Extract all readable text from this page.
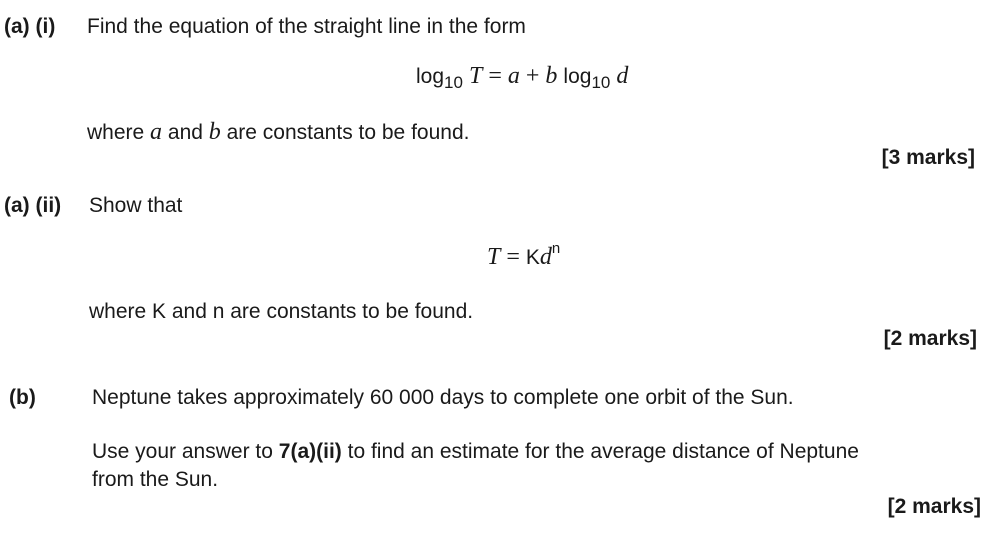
(a) (i) Find the equation of the straight line in the form
log 10 T = a + b log 10 d
where a and b are constants to be found.
[3 marks]
(a) (ii) Show that
T = K d n
where K and n are constants to be found.
[2 marks]
(b)	Neptune takes approximately 60 000 days to complete one orbit of the Sun.
Use your answer to 7(a)(ii) to find an estimate for the average distance of Neptune
from the Sun.
[2 marks]
